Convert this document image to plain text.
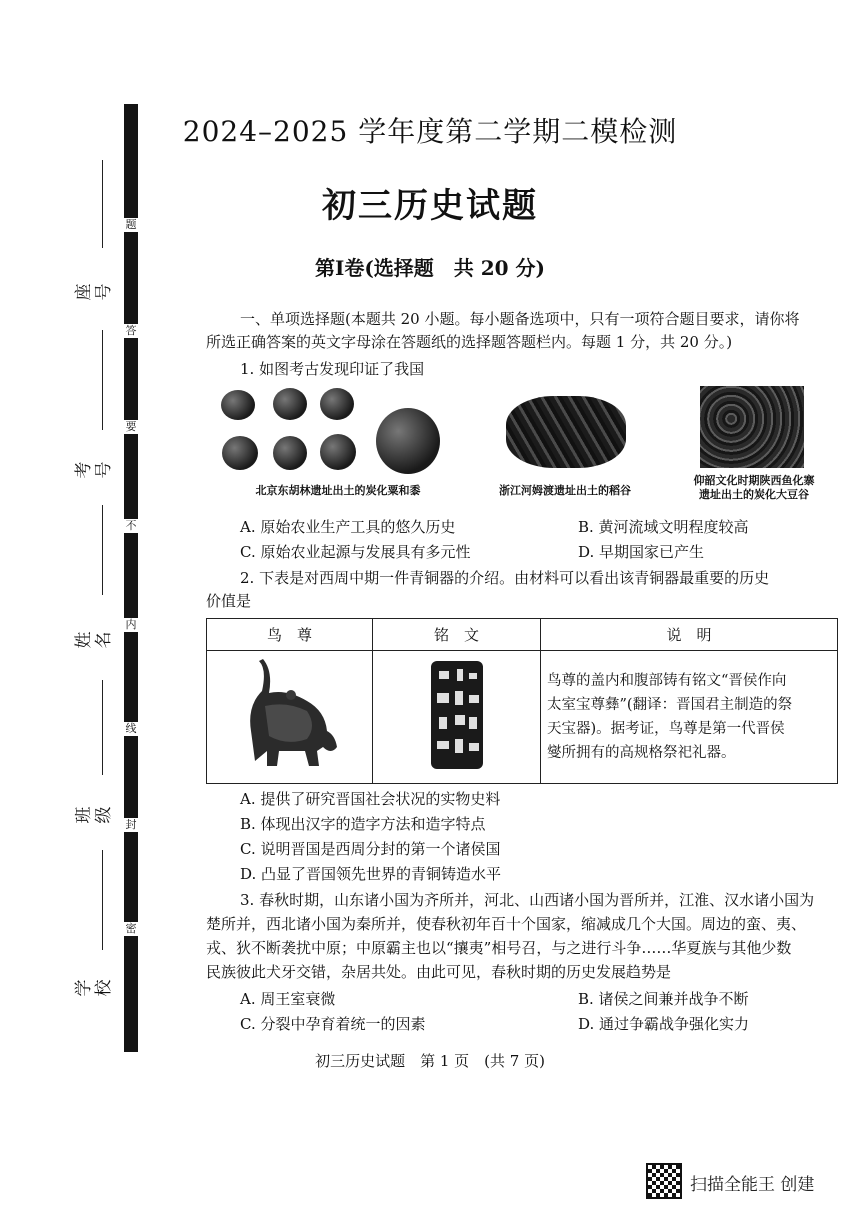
题
答
要
不
内
线
封
密
座号
考号
姓名
班级
学校
2024–2025 学年度第二学期二模检测
初三历史试题
第Ⅰ卷(选择题　共 20 分)
一、单项选择题(本题共 20 小题。每小题备选项中，只有一项符合题目要求，请你将
所选正确答案的英文字母涂在答题纸的选择题答题栏内。每题 1 分，共 20 分。)
1. 如图考古发现印证了我国
北京东胡林遗址出土的炭化粟和黍	浙江河姆渡遗址出土的稻谷
仰韶文化时期陕西鱼化寨
遗址出土的炭化大豆谷
A. 原始农业生产工具的悠久历史	B. 黄河流域文明程度较高
C. 原始农业起源与发展具有多元性	D. 早期国家已产生
2. 下表是对西周中期一件青铜器的介绍。由材料可以看出该青铜器最重要的历史
价值是
鸟　尊	铭　文	说　明

鸟尊的盖内和腹部铸有铭文“晋侯作向
太室宝尊彝”(翻译：晋国君主制造的祭
天宝器)。据考证，鸟尊是第一代晋侯
燮所拥有的高规格祭祀礼器。
A. 提供了研究晋国社会状况的实物史料
B. 体现出汉字的造字方法和造字特点
C. 说明晋国是西周分封的第一个诸侯国
D. 凸显了晋国领先世界的青铜铸造水平
3. 春秋时期，山东诸小国为齐所并，河北、山西诸小国为晋所并，江淮、汉水诸小国为
楚所并，西北诸小国为秦所并，使春秋初年百十个国家，缩减成几个大国。周边的蛮、夷、
戎、狄不断袭扰中原；中原霸主也以“攘夷”相号召，与之进行斗争……华夏族与其他少数
民族彼此犬牙交错，杂居共处。由此可见，春秋时期的历史发展趋势是
A. 周王室衰微	B. 诸侯之间兼并战争不断
C. 分裂中孕育着统一的因素	D. 通过争霸战争强化实力
初三历史试题　第 1 页　(共 7 页)
扫描全能王 创建
